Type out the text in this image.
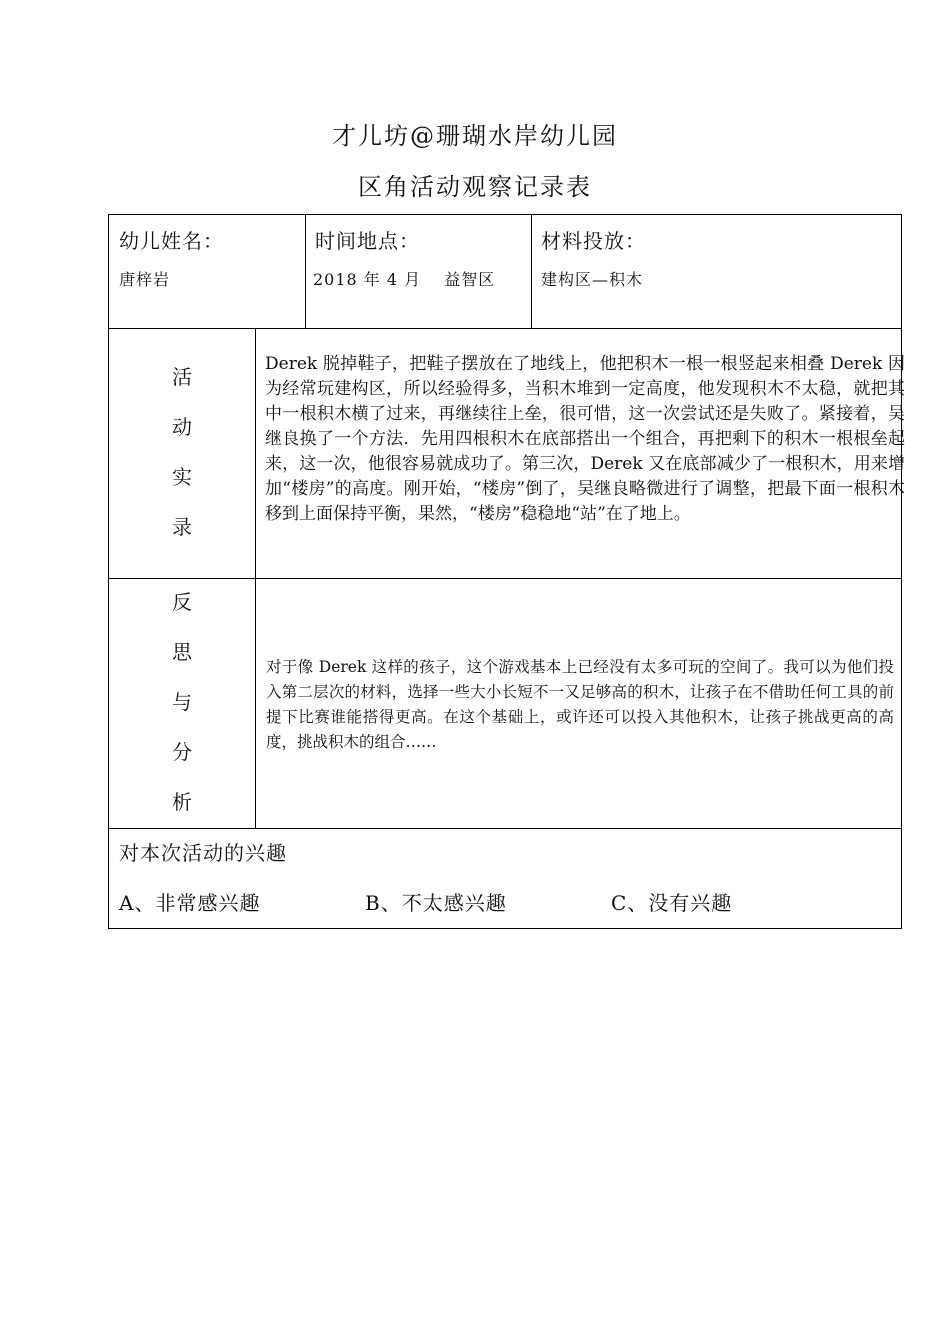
才儿坊@珊瑚水岸幼儿园
区角活动观察记录表
幼儿姓名：
唐梓岩
时间地点：
2018 年 4 月　 益智区
材料投放：
建构区—积木
活
动
实
录
Derek 脱掉鞋子，把鞋子摆放在了地线上，他把积木一根一根竖起来相叠 Derek 因为经常玩建构区，所以经验得多，当积木堆到一定高度，他发现积木不太稳，就把其中一根积木横了过来，再继续往上垒，很可惜，这一次尝试还是失败了。紧接着，吴继良换了一个方法．先用四根积木在底部搭出一个组合，再把剩下的积木一根根垒起来，这一次，他很容易就成功了。第三次，Derek 又在底部减少了一根积木，用来增加“楼房”的高度。刚开始，“楼房”倒了，吴继良略微进行了调整，把最下面一根积木移到上面保持平衡，果然，“楼房”稳稳地“站”在了地上。
反
思
与
分
析
对于像 Derek 这样的孩子，这个游戏基本上已经没有太多可玩的空间了。我可以为他们投入第二层次的材料，选择一些大小长短不一又足够高的积木，让孩子在不借助任何工具的前提下比赛谁能搭得更高。在这个基础上，或许还可以投入其他积木，让孩子挑战更高的高度，挑战积木的组合……
对本次活动的兴趣
A、非常感兴趣	B、不太感兴趣	C、没有兴趣
